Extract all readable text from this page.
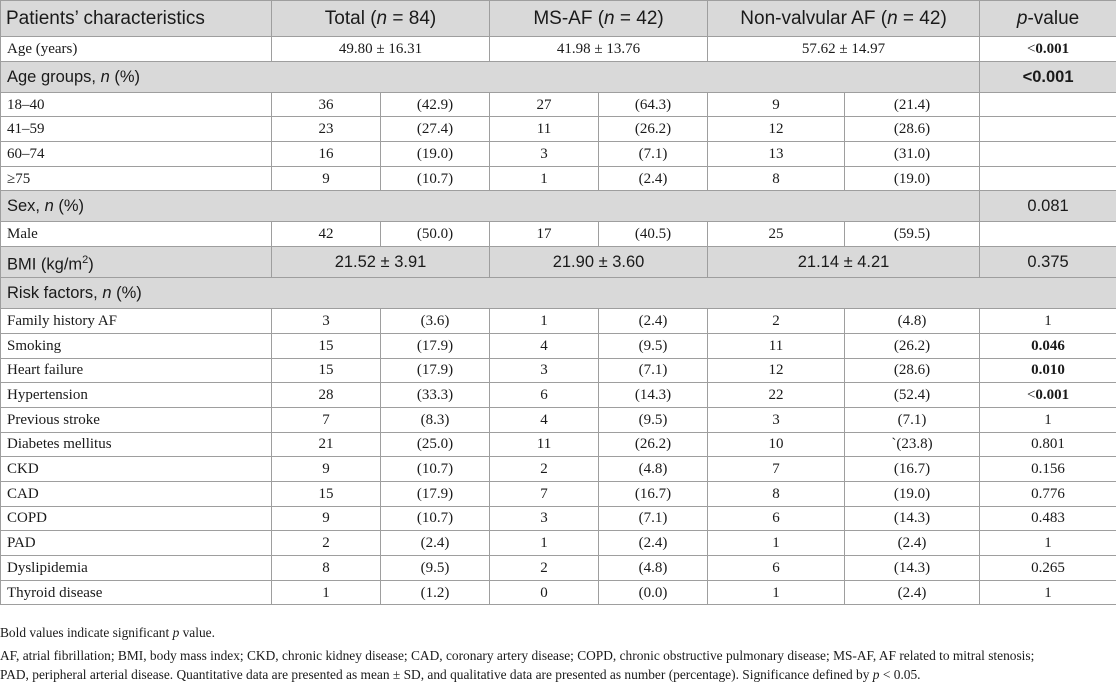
Patients’ characteristics	Total (n = 84)		MS-AF (n = 42)		Non-valvular AF (n = 42)		p-value
Age (years)	49.80 ± 16.31		41.98 ± 13.76		57.62 ± 14.97		<0.001
Age groups, n (%)							<0.001
18–40	36	(42.9)	27	(64.3)	9	(21.4)	
41–59	23	(27.4)	11	(26.2)	12	(28.6)	
60–74	16	(19.0)	3	(7.1)	13	(31.0)	
≥75	9	(10.7)	1	(2.4)	8	(19.0)	
Sex, n (%)							0.081
Male	42	(50.0)	17	(40.5)	25	(59.5)	
BMI $(kg/m^2)$	21.52 ± 3.91		21.90 ± 3.60		21.14 ± 4.21		0.375
Risk factors, n (%)							
Family history AF	3	(3.6)	1	(2.4)	2	(4.8)	1
Smoking	15	(17.9)	4	(9.5)	11	(26.2)	0.046
Heart failure	15	(17.9)	3	(7.1)	12	(28.6)	0.010
Hypertension	28	(33.3)	6	(14.3)	22	(52.4)	<0.001
Previous stroke	7	(8.3)	4	(9.5)	3	(7.1)	1
Diabetes mellitus	21	(25.0)	11	(26.2)	10	`(23.8)	0.801
CKD	9	(10.7)	2	(4.8)	7	(16.7)	0.156
CAD	15	(17.9)	7	(16.7)	8	(19.0)	0.776
COPD	9	(10.7)	3	(7.1)	6	(14.3)	0.483
PAD	2	(2.4)	1	(2.4)	1	(2.4)	1
Dyslipidemia	8	(9.5)	2	(4.8)	6	(14.3)	0.265
Thyroid disease	1	(1.2)	0	(0.0)	1	(2.4)	1

Bold values indicate significant p value.

AF, atrial fibrillation; BMI, body mass index; CKD, chronic kidney disease; CAD, coronary artery disease; COPD, chronic obstructive pulmonary disease; MS-AF, AF related to mitral stenosis;

PAD, peripheral arterial disease. Quantitative data are presented as mean ± SD, and qualitative data are presented as number (percentage). Significance defined by p < 0.05.
